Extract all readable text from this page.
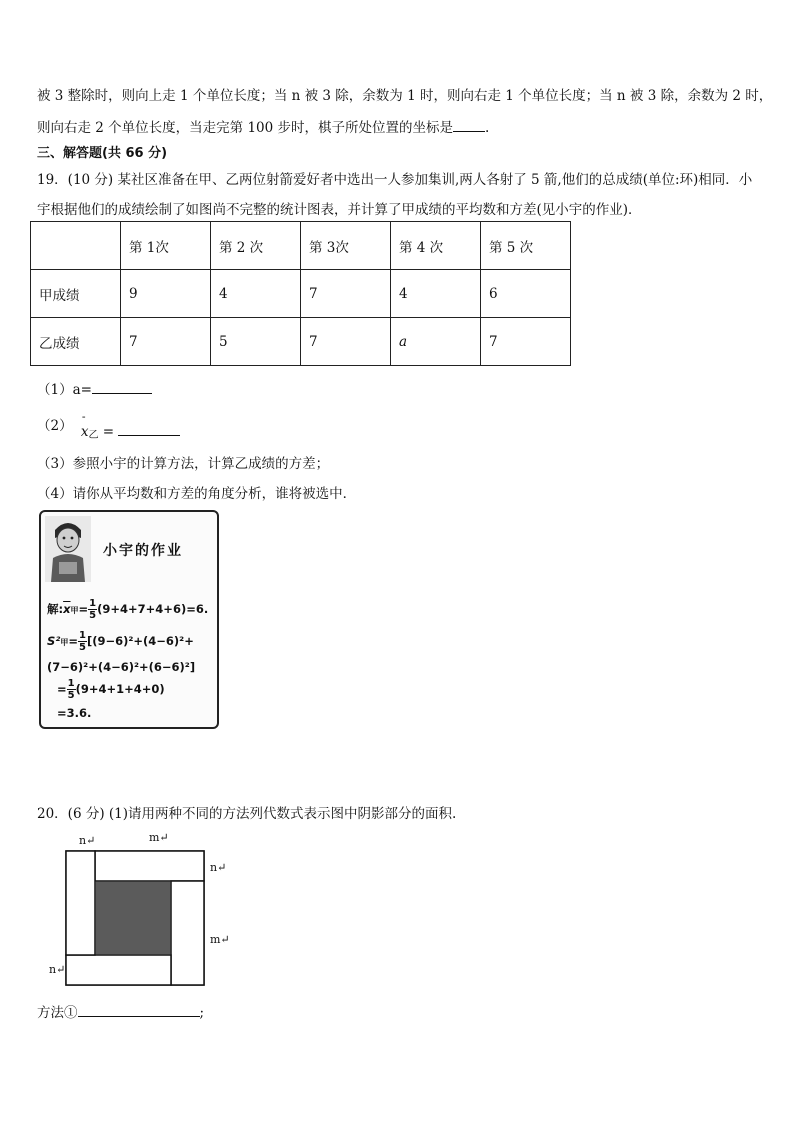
被 3 整除时，则向上走 1 个单位长度；当 n 被 3 除，余数为 1 时，则向右走 1 个单位长度；当 n 被 3 除，余数为 2 时，
则向右走 2 个单位长度，当走完第 100 步时，棋子所处位置的坐标是 .
三、解答题(共 66 分)
19．(10 分) 某社区准备在甲、乙两位射箭爱好者中选出一人参加集训,两人各射了 5 箭,他们的总成绩(单位:环)相同．小
宇根据他们的成绩绘制了如图尚不完整的统计图表，并计算了甲成绩的平均数和方差(见小宇的作业)．
	第 1次	第 2 次	第 3次	第 4 次	第 5 次
甲成绩	9	4	7	4	6
乙成绩	7	5	7	a	7
（1）a=
（2）
-
$x_乙$ =
（3）参照小宇的计算方法，计算乙成绩的方差；
（4）请你从平均数和方差的角度分析，谁将被选中．
小宇的作业
解$:\overline{x}$甲= $\frac{1}{5} (9+4+7+4+6)=6$.
S²甲= $\frac{1}{5} [(9-6)^2+(4-6)^2+$
(7−6)²+(4−6)²+(6−6)²]
= $\frac{1}{5} (9+4+1+4+0)$
=3.6.
20．(6 分) (1)请用两种不同的方法列代数式表示图中阴影部分的面积.
n↵	m↵
n↵
m↵
n↵
方法①	;
